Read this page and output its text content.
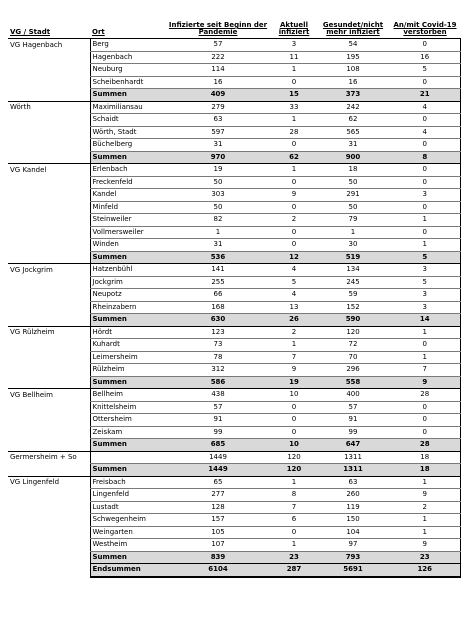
VG / Stadt	Ort	Infizierte seit Beginn der Pandemie	Aktuell infiziert	Gesundet/nicht mehr infiziert	An/mit Covid-19 verstorben
VG Hagenbach	Berg	57	3	54	0
	Hagenbach	222	11	195	16
	Neuburg	114	1	108	5
	Scheibenhardt	16	0	16	0
	Summen	409	15	373	21
Wörth	Maximiliansau	279	33	242	4
	Schaidt	63	1	62	0
	Wörth, Stadt	597	28	565	4
	Büchelberg	31	0	31	0
	Summen	970	62	900	8
VG Kandel	Erlenbach	19	1	18	0
	Freckenfeld	50	0	50	0
	Kandel	303	9	291	3
	Minfeld	50	0	50	0
	Steinweiler	82	2	79	1
	Vollmersweiler	1	0	1	0
	Winden	31	0	30	1
	Summen	536	12	519	5
VG Jockgrim	Hatzenbühl	141	4	134	3
	Jockgrim	255	5	245	5
	Neupotz	66	4	59	3
	Rheinzabern	168	13	152	3
	Summen	630	26	590	14
VG Rülzheim	Hördt	123	2	120	1
	Kuhardt	73	1	72	0
	Leimersheim	78	7	70	1
	Rülzheim	312	9	296	7
	Summen	586	19	558	9
VG Bellheim	Bellheim	438	10	400	28
	Knittelsheim	57	0	57	0
	Ottersheim	91	0	91	0
	Zeiskam	99	0	99	0
	Summen	685	10	647	28
Germersheim + So		1449	120	1311	18
	Summen	1449	120	1311	18
VG Lingenfeld	Freisbach	65	1	63	1
	Lingenfeld	277	8	260	9
	Lustadt	128	7	119	2
	Schwegenheim	157	6	150	1
	Weingarten	105	0	104	1
	Westheim	107	1	97	9
	Summen	839	23	793	23
	Endsummen	6104	287	5691	126
